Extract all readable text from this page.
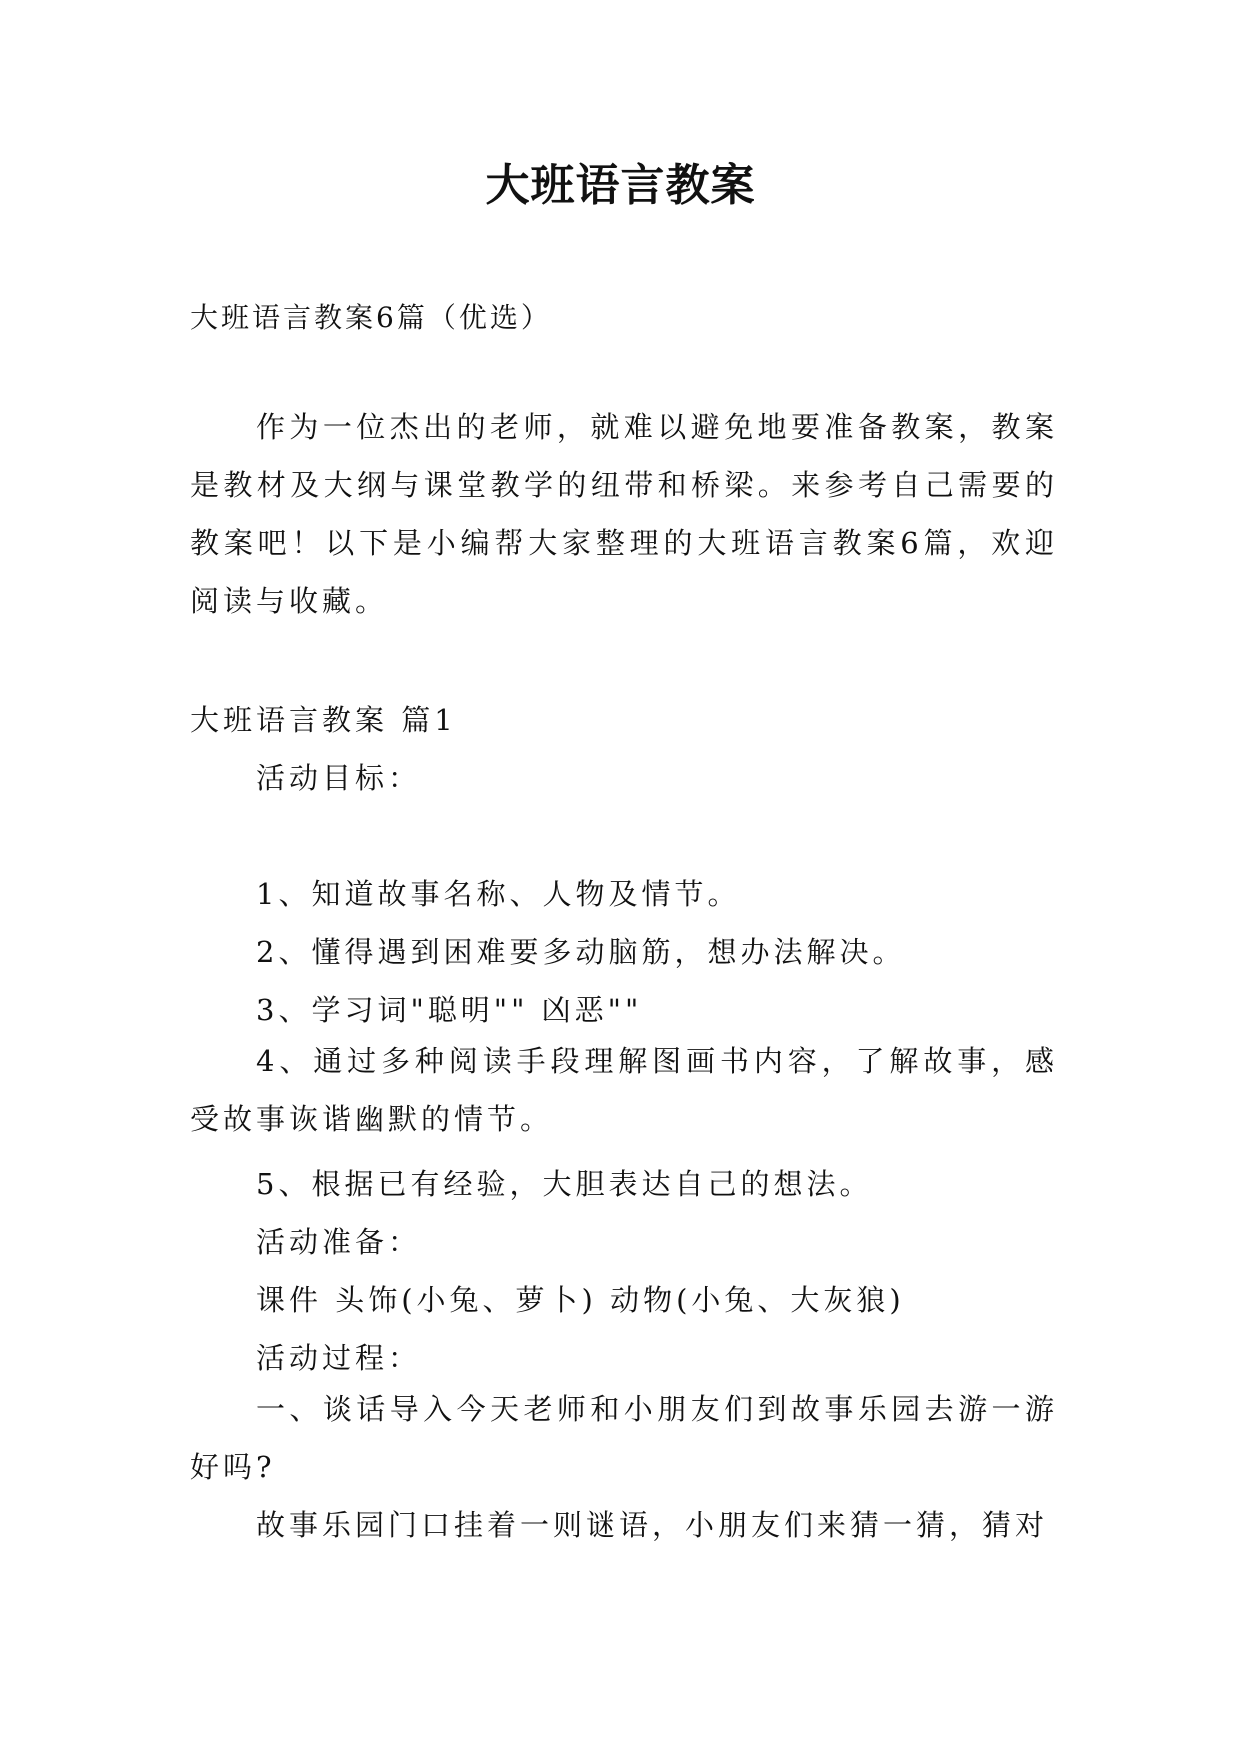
大班语言教案
大班语言教案6篇（优选）
作为一位杰出的老师，就难以避免地要准备教案，教案是教材及大纲与课堂教学的纽带和桥梁。来参考自己需要的教案吧！以下是小编帮大家整理的大班语言教案6篇，欢迎阅读与收藏。
大班语言教案 篇1
活动目标：
1、知道故事名称、人物及情节。
2、懂得遇到困难要多动脑筋，想办法解决。
3、学习词"聪明"" 凶恶""
4、通过多种阅读手段理解图画书内容，了解故事，感受故事诙谐幽默的情节。
5、根据已有经验，大胆表达自己的想法。
活动准备：
课件 头饰(小兔、萝卜) 动物(小兔、大灰狼)
活动过程：
一、谈话导入今天老师和小朋友们到故事乐园去游一游好吗?
故事乐园门口挂着一则谜语，小朋友们来猜一猜，猜对
